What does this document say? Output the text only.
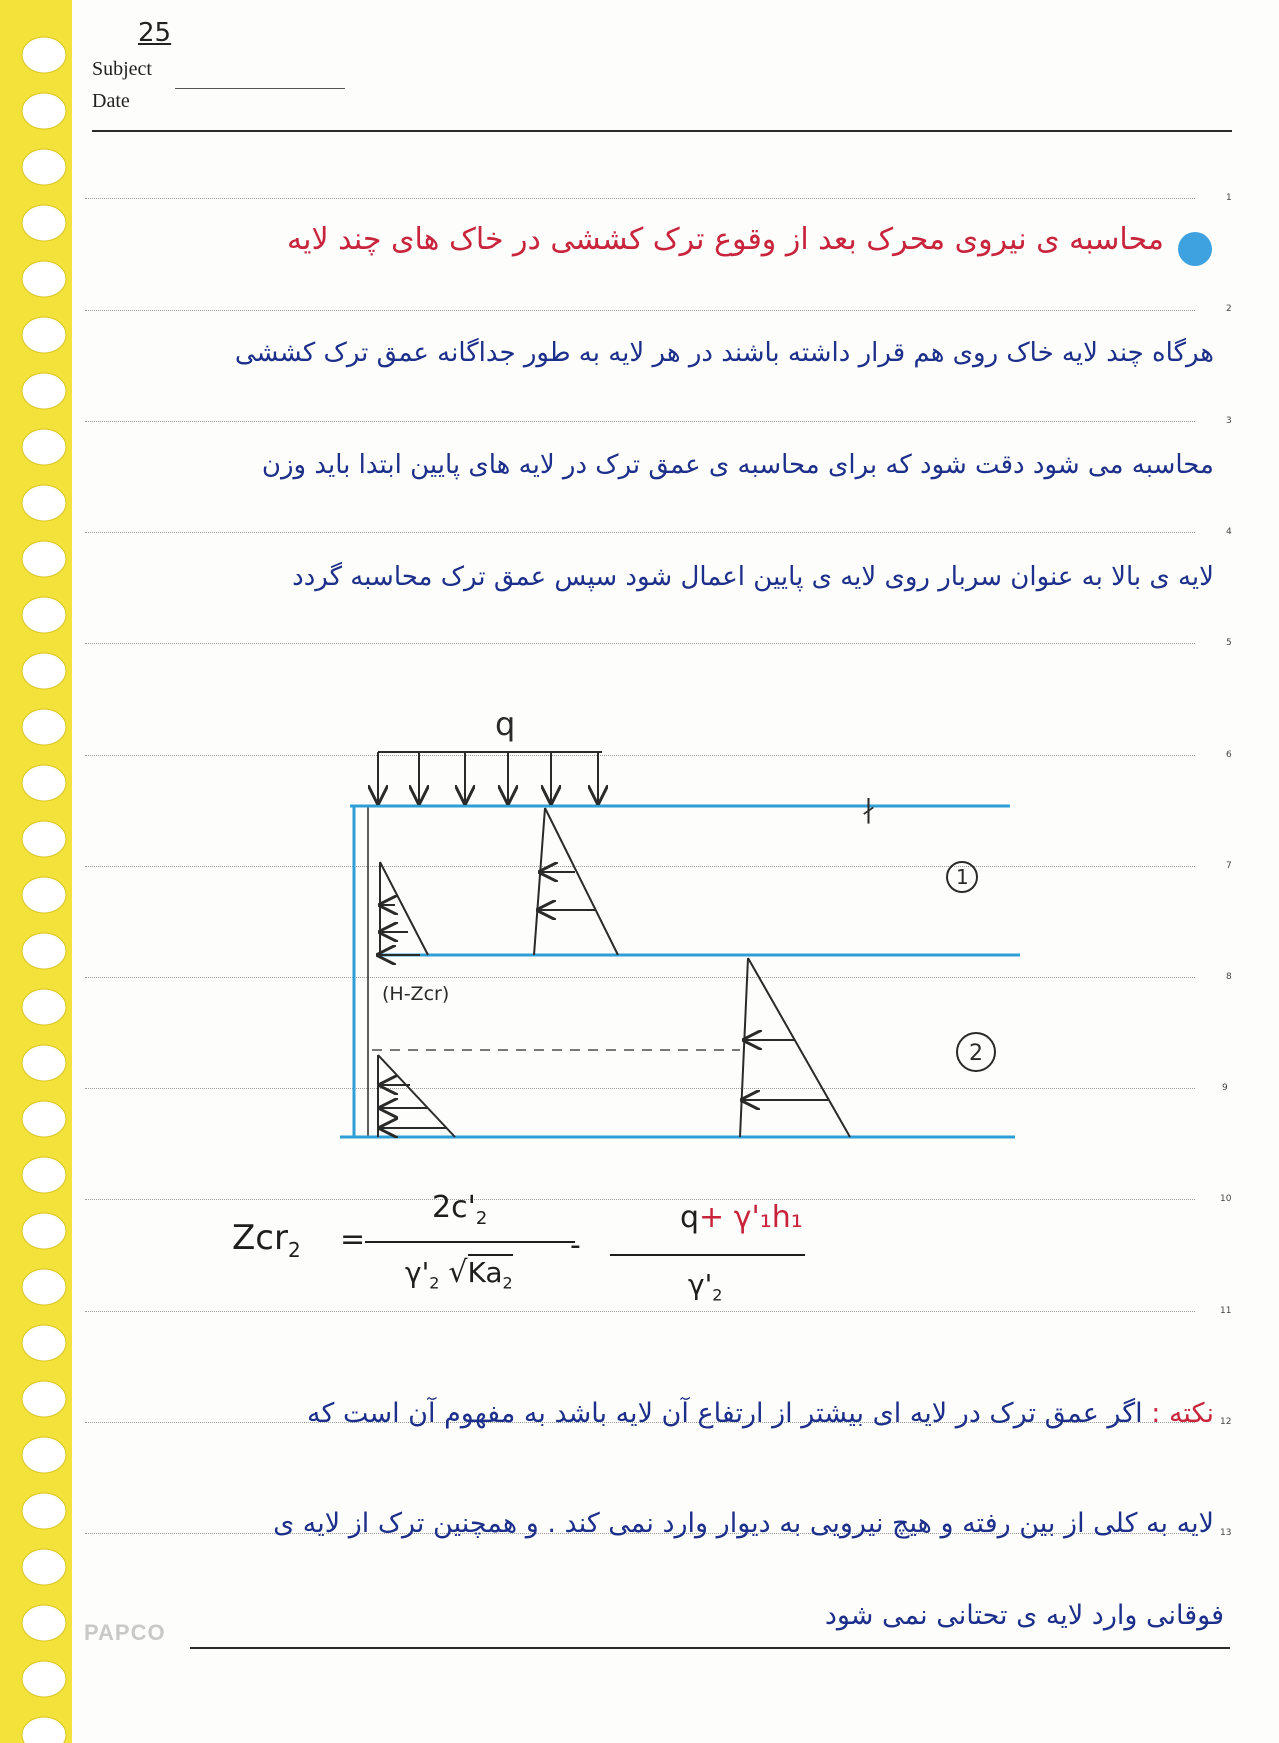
25
Subject
Date
1
2
3
4
5
6
7
8
9
10
11
12
13
محاسبه ی نیروی محرک بعد از وقوع ترک کششی در خاک های چند لایه
هرگاه چند لایه خاک روی هم قرار داشته باشند در هر لایه به طور جداگانه عمق ترک کششی
محاسبه می شود دقت شود که برای محاسبه ی عمق ترک در لایه های پایین ابتدا باید وزن
لایه ی بالا به عنوان سربار روی لایه ی پایین اعمال شود سپس عمق ترک محاسبه گردد
q
∤
1
2
(H-Zcr)
Zcr$_2$ =
$2c'_2$
$\gamma'_2$ $√Ka_2$
-
q+ γ'₁h₁
$\gamma'_2$
نکته : اگر عمق ترک در لایه ای بیشتر از ارتفاع آن لایه باشد به مفهوم آن است که
لایه به کلی از بین رفته و هیچ نیرویی به دیوار وارد نمی کند . و همچنین ترک از لایه ی
فوقانی وارد لایه ی تحتانی نمی شود
PAPCO
